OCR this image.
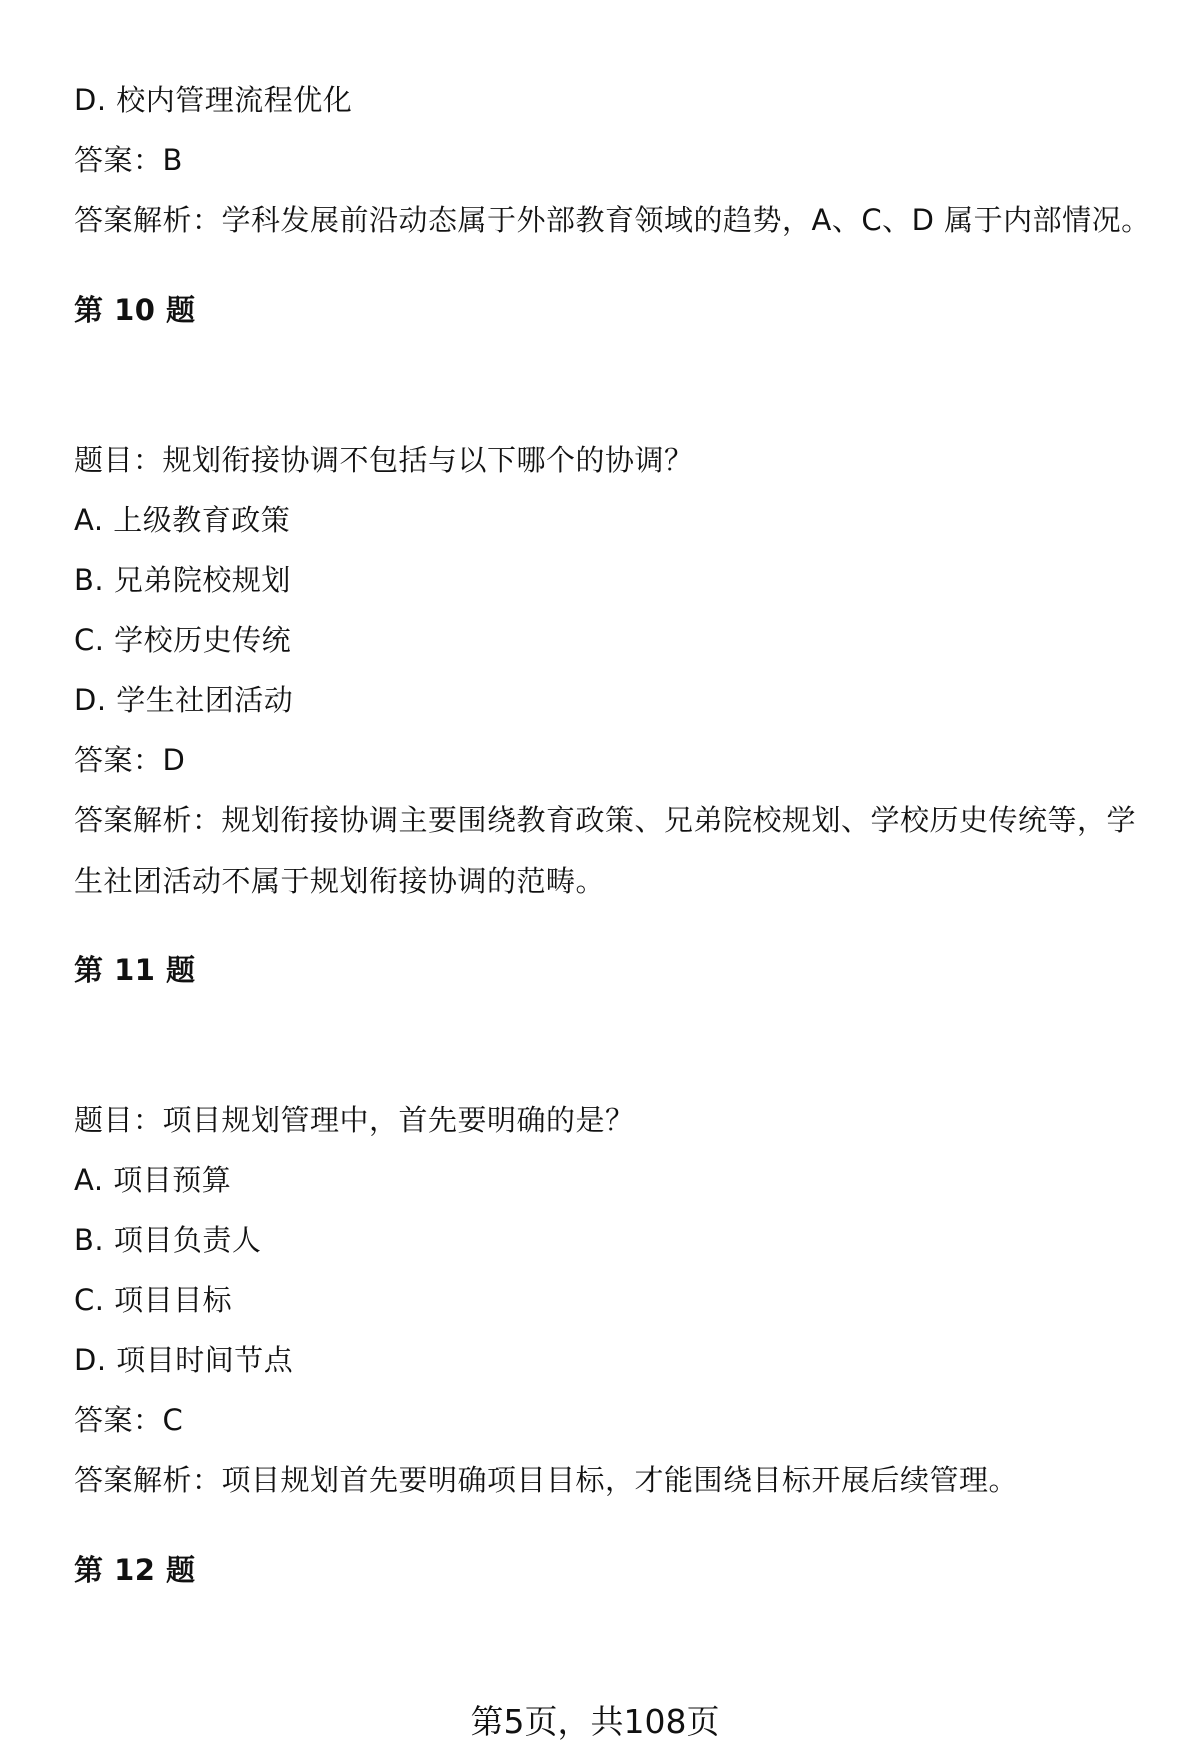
D. 校内管理流程优化
答案：B
答案解析：学科发展前沿动态属于外部教育领域的趋势，A、C、D 属于内部情况。
第 10 题
题目：规划衔接协调不包括与以下哪个的协调？
A. 上级教育政策
B. 兄弟院校规划
C. 学校历史传统
D. 学生社团活动
答案：D
答案解析：规划衔接协调主要围绕教育政策、兄弟院校规划、学校历史传统等，学生社团活动不属于规划衔接协调的范畴。
第 11 题
题目：项目规划管理中，首先要明确的是？
A. 项目预算
B. 项目负责人
C. 项目目标
D. 项目时间节点
答案：C
答案解析：项目规划首先要明确项目目标，才能围绕目标开展后续管理。
第 12 题
第5页，共108页
